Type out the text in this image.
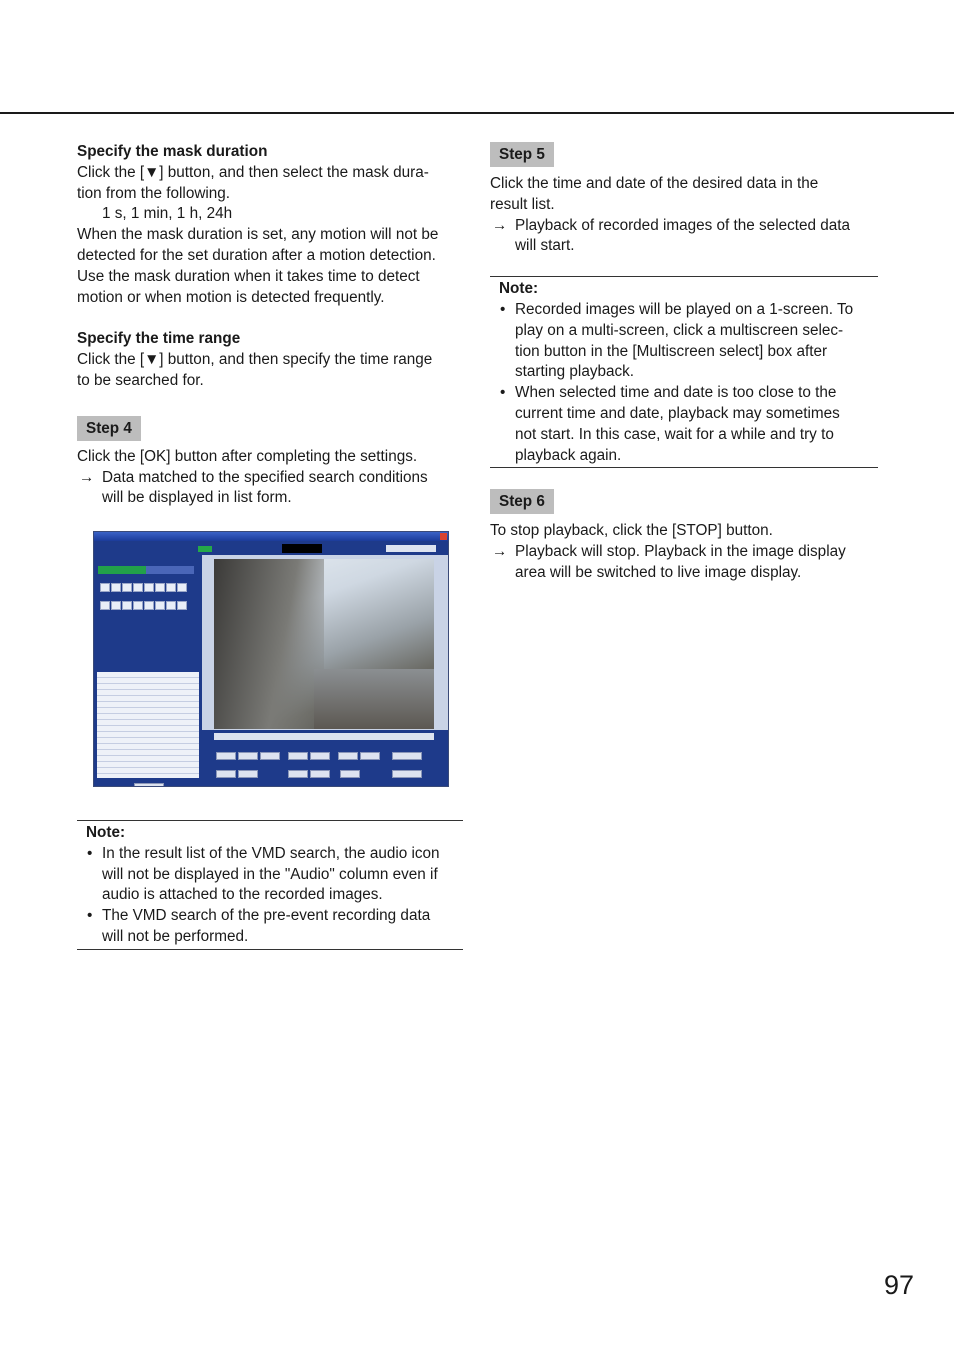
Specify the mask duration

Click the [▼] button, and then select the mask dura-

tion from the following.

1 s, 1 min, 1 h, 24h

When the mask duration is set, any motion will not be

detected for the set duration after a motion detection.

Use the mask duration when it takes time to detect

motion or when motion is detected frequently.

Specify the time range

Click the [▼] button, and then specify the time range

to be searched for.

Step 4

Click the [OK] button after completing the settings.

→ Data matched to the specified search conditions

will be displayed in list form.

Note:
• In the result list of the VMD search, the audio icon
will not be displayed in the "Audio" column even if
audio is attached to the recorded images.
• The VMD search of the pre-event recording data
will not be performed.

Step 5

Click the time and date of the desired data in the

result list.

→ Playback of recorded images of the selected data

will start.

Note:
• Recorded images will be played on a 1-screen. To
play on a multi-screen, click a multiscreen selec-
tion button in the [Multiscreen select] box after
starting playback.
• When selected time and date is too close to the
current time and date, playback may sometimes
not start. In this case, wait for a while and try to
playback again.
Step 6

To stop playback, click the [STOP] button.

→ Playback will stop. Playback in the image display

area will be switched to live image display.

97
